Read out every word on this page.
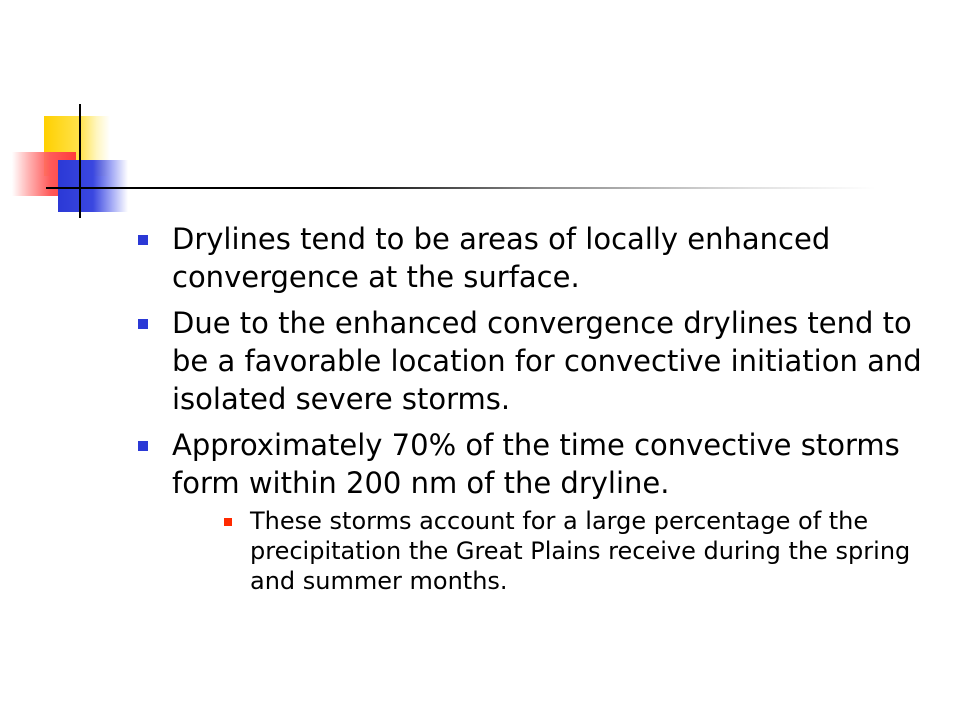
Drylines tend to be areas of locally enhanced convergence at the surface.
Due to the enhanced convergence drylines tend to be a favorable location for convective initiation and isolated severe storms.
Approximately 70% of the time convective storms form within 200 nm of the dryline.
These storms account for a large percentage of the precipitation the Great Plains receive during the spring and summer months.
